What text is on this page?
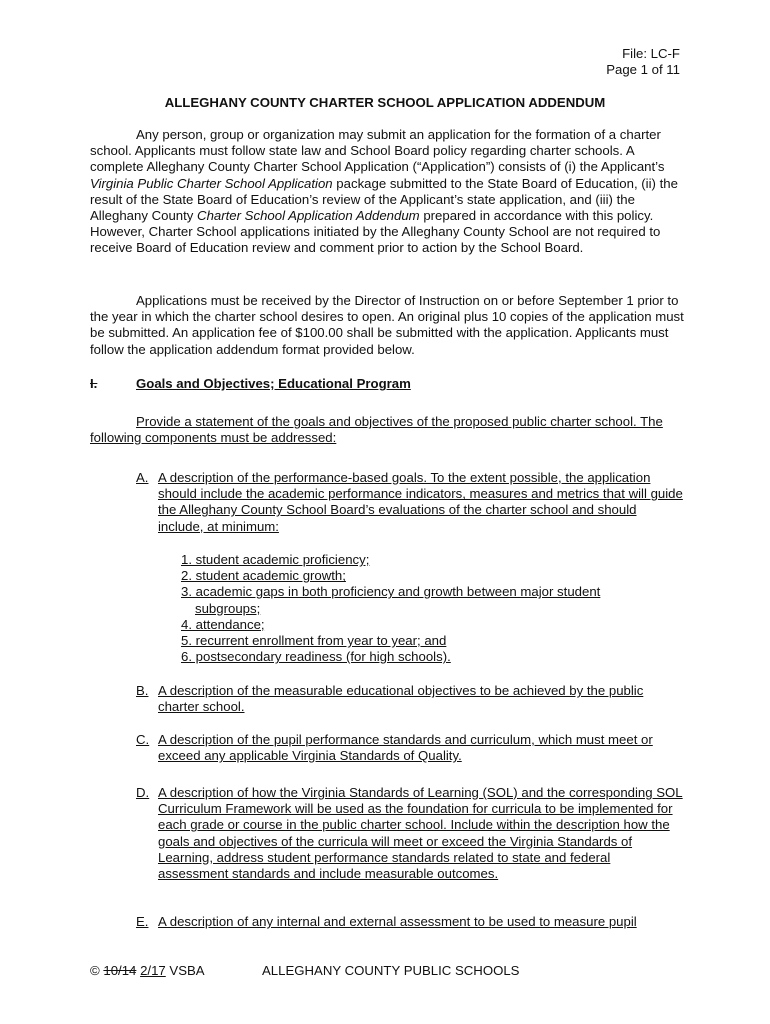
File: LC-F
Page 1 of 11
ALLEGHANY COUNTY CHARTER SCHOOL APPLICATION ADDENDUM

Any person, group or organization may submit an application for the formation of a charter school. Applicants must follow state law and School Board policy regarding charter schools. A complete Alleghany County Charter School Application (“Application”) consists of (i) the Applicant’s Virginia Public Charter School Application package submitted to the State Board of Education, (ii) the result of the State Board of Education’s review of the Applicant’s state application, and (iii) the Alleghany County Charter School Application Addendum prepared in accordance with this policy. However, Charter School applications initiated by the Alleghany County School are not required to receive Board of Education review and comment prior to action by the School Board.

Applications must be received by the Director of Instruction on or before September 1 prior to the year in which the charter school desires to open. An original plus 10 copies of the application must be submitted. An application fee of $100.00 shall be submitted with the application. Applicants must follow the application addendum format provided below.

I.	Goals and Objectives; Educational Program

Provide a statement of the goals and objectives of the proposed public charter school. The following components must be addressed:

A. A description of the performance-based goals. To the extent possible, the application should include the academic performance indicators, measures and metrics that will guide the Alleghany County School Board’s evaluations of the charter school and should include, at minimum:
1. student academic proficiency;
2. student academic growth;
3. academic gaps in both proficiency and growth between major student
subgroups;
4. attendance;
5. recurrent enrollment from year to year; and
6. postsecondary readiness (for high schools).
B. A description of the measurable educational objectives to be achieved by the public charter school.
C. A description of the pupil performance standards and curriculum, which must meet or exceed any applicable Virginia Standards of Quality.
D. A description of how the Virginia Standards of Learning (SOL) and the corresponding SOL Curriculum Framework will be used as the foundation for curricula to be implemented for each grade or course in the public charter school. Include within the description how the goals and objectives of the curricula will meet or exceed the Virginia Standards of Learning, address student performance standards related to state and federal assessment standards and include measurable outcomes.
E. A description of any internal and external assessment to be used to measure pupil
© 10/14 2/17 VSBA	ALLEGHANY COUNTY PUBLIC SCHOOLS
